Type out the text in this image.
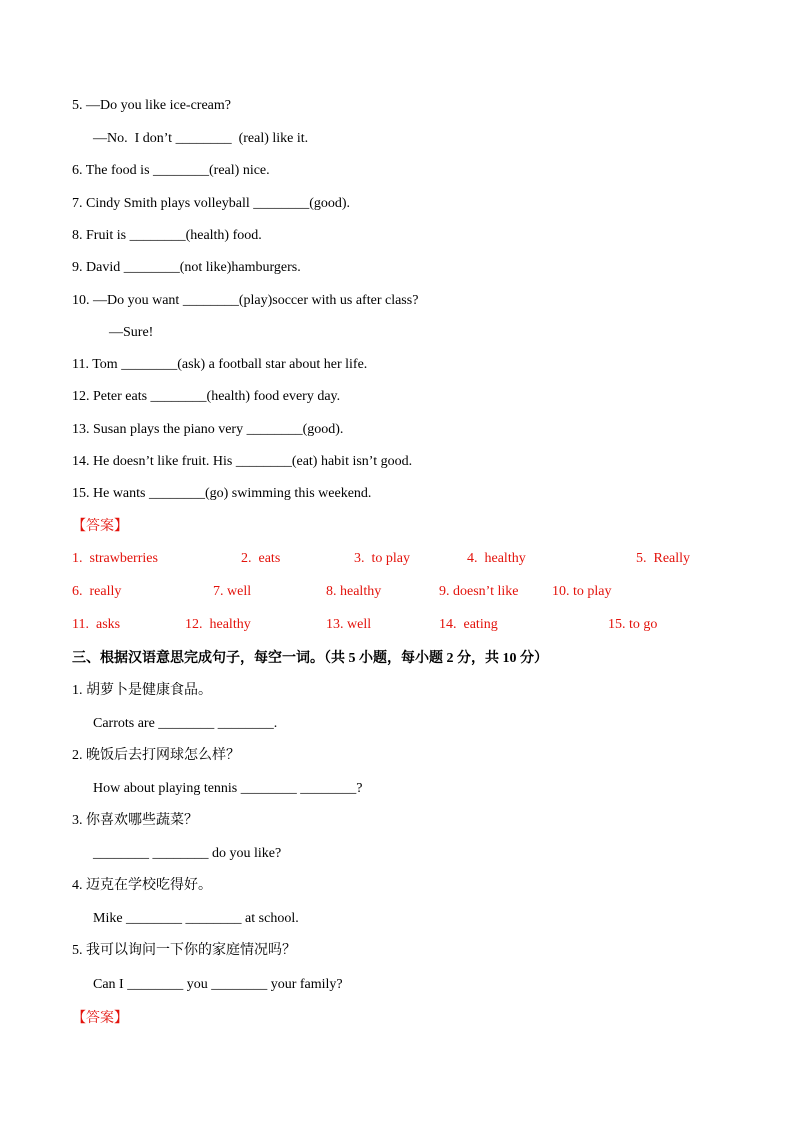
5. —Do you like ice-cream?
—No.  I don’t ________  (real) like it.
6. The food is ________(real) nice.
7. Cindy Smith plays volleyball ________(good).
8. Fruit is ________(health) food.
9. David ________(not like)hamburgers.
10. —Do you want ________(play)soccer with us after class?
—Sure!
11. Tom ________(ask) a football star about her life.
12. Peter eats ________(health) food every day.
13. Susan plays the piano very ________(good).
14. He doesn’t like fruit. His ________(eat) habit isn’t good.
15. He wants ________(go) swimming this weekend.
【答案】
1.  strawberries	2.  eats	3.  to play	4.  healthy	5.  Really
6.  really	7. well	8. healthy	9. doesn’t like 10. to play
11.  asks	12.  healthy	13. well	14.  eating	15. to go
三、根据汉语意思完成句子，每空一词。（共 5 小题，每小题 2 分，共 10 分）
1. 胡萝卜是健康食品。
Carrots are ________ ________.
2. 晚饭后去打网球怎么样？
How about playing tennis ________ ________?
3. 你喜欢哪些蔬菜？
________ ________ do you like?
4. 迈克在学校吃得好。
Mike ________ ________ at school.
5. 我可以询问一下你的家庭情况吗？
Can I ________ you ________ your family?
【答案】
